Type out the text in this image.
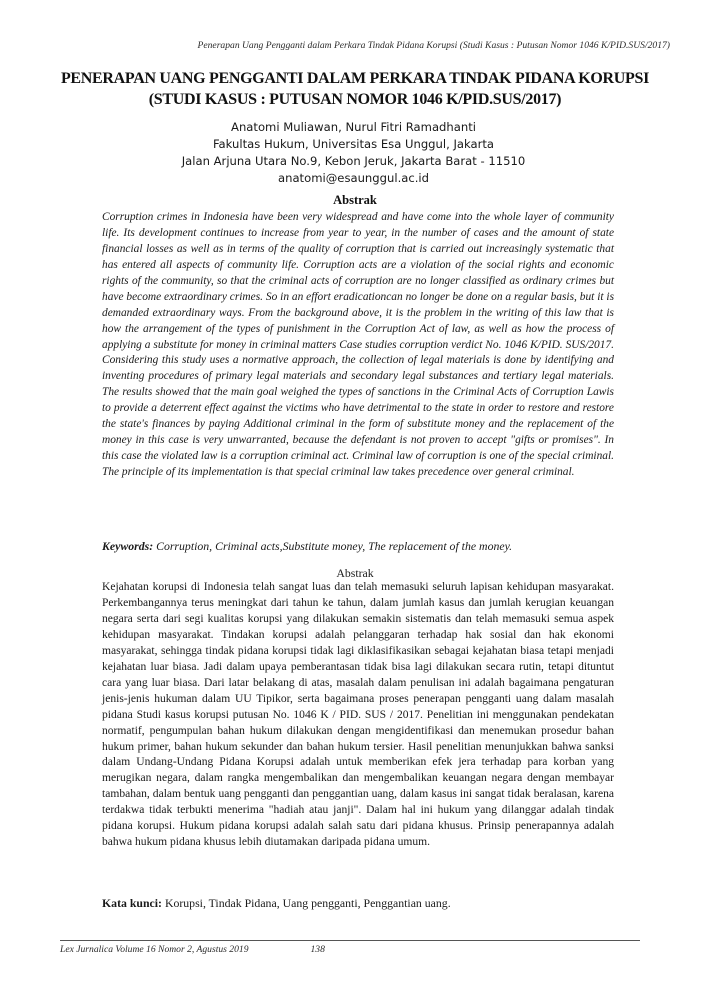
Penerapan Uang Pengganti dalam Perkara Tindak Pidana Korupsi (Studi Kasus : Putusan Nomor 1046 K/PID.SUS/2017)
PENERAPAN UANG PENGGANTI DALAM PERKARA TINDAK PIDANA KORUPSI (STUDI KASUS : PUTUSAN NOMOR 1046 K/PID.SUS/2017)
Anatomi Muliawan, Nurul Fitri Ramadhanti
Fakultas Hukum, Universitas Esa Unggul, Jakarta
Jalan Arjuna Utara No.9, Kebon Jeruk, Jakarta Barat - 11510
anatomi@esaunggul.ac.id
Abstrak

Corruption crimes in Indonesia have been very widespread and have come into the whole layer of community life. Its development continues to increase from year to year, in the number of cases and the amount of state financial losses as well as in terms of the quality of corruption that is carried out increasingly systematic that has entered all aspects of community life. Corruption acts are a violation of the social rights and economic rights of the community, so that the criminal acts of corruption are no longer classified as ordinary crimes but have become extraordinary crimes. So in an effort eradicationcan no longer be done on a regular basis, but it is demanded extraordinary ways. From the background above, it is the problem in the writing of this law that is how the arrangement of the types of punishment in the Corruption Act of law, as well as how the process of applying a substitute for money in criminal matters Case studies corruption verdict No. 1046 K/PID. SUS/2017. Considering this study uses a normative approach, the collection of legal materials is done by identifying and inventing procedures of primary legal materials and secondary legal substances and tertiary legal materials. The results showed that the main goal weighed the types of sanctions in the Criminal Acts of Corruption Lawis to provide a deterrent effect against the victims who have detrimental to the state in order to restore and restore the state's finances by paying Additional criminal in the form of substitute money and the replacement of the money in this case is very unwarranted, because the defendant is not proven to accept "gifts or promises". In this case the violated law is a corruption criminal act. Criminal law of corruption is one of the special criminal. The principle of its implementation is that special criminal law takes precedence over general criminal.

Keywords: Corruption, Criminal acts,Substitute money, The replacement of the money.

Abstrak

Kejahatan korupsi di Indonesia telah sangat luas dan telah memasuki seluruh lapisan kehidupan masyarakat. Perkembangannya terus meningkat dari tahun ke tahun, dalam jumlah kasus dan jumlah kerugian keuangan negara serta dari segi kualitas korupsi yang dilakukan semakin sistematis dan telah memasuki semua aspek kehidupan masyarakat. Tindakan korupsi adalah pelanggaran terhadap hak sosial dan hak ekonomi masyarakat, sehingga tindak pidana korupsi tidak lagi diklasifikasikan sebagai kejahatan biasa tetapi menjadi kejahatan luar biasa. Jadi dalam upaya pemberantasan tidak bisa lagi dilakukan secara rutin, tetapi dituntut cara yang luar biasa. Dari latar belakang di atas, masalah dalam penulisan ini adalah bagaimana pengaturan jenis-jenis hukuman dalam UU Tipikor, serta bagaimana proses penerapan pengganti uang dalam masalah pidana Studi kasus korupsi putusan No. 1046 K / PID. SUS / 2017. Penelitian ini menggunakan pendekatan normatif, pengumpulan bahan hukum dilakukan dengan mengidentifikasi dan menemukan prosedur bahan hukum primer, bahan hukum sekunder dan bahan hukum tersier. Hasil penelitian menunjukkan bahwa sanksi dalam Undang-Undang Pidana Korupsi adalah untuk memberikan efek jera terhadap para korban yang merugikan negara, dalam rangka mengembalikan dan mengembalikan keuangan negara dengan membayar tambahan, dalam bentuk uang pengganti dan penggantian uang, dalam kasus ini sangat tidak beralasan, karena terdakwa tidak terbukti menerima "hadiah atau janji". Dalam hal ini hukum yang dilanggar adalah tindak pidana korupsi. Hukum pidana korupsi adalah salah satu dari pidana khusus. Prinsip penerapannya adalah bahwa hukum pidana khusus lebih diutamakan daripada pidana umum.

Kata kunci: Korupsi, Tindak Pidana, Uang pengganti, Penggantian uang.

Lex Jurnalica Volume 16 Nomor 2, Agustus 2019	138
